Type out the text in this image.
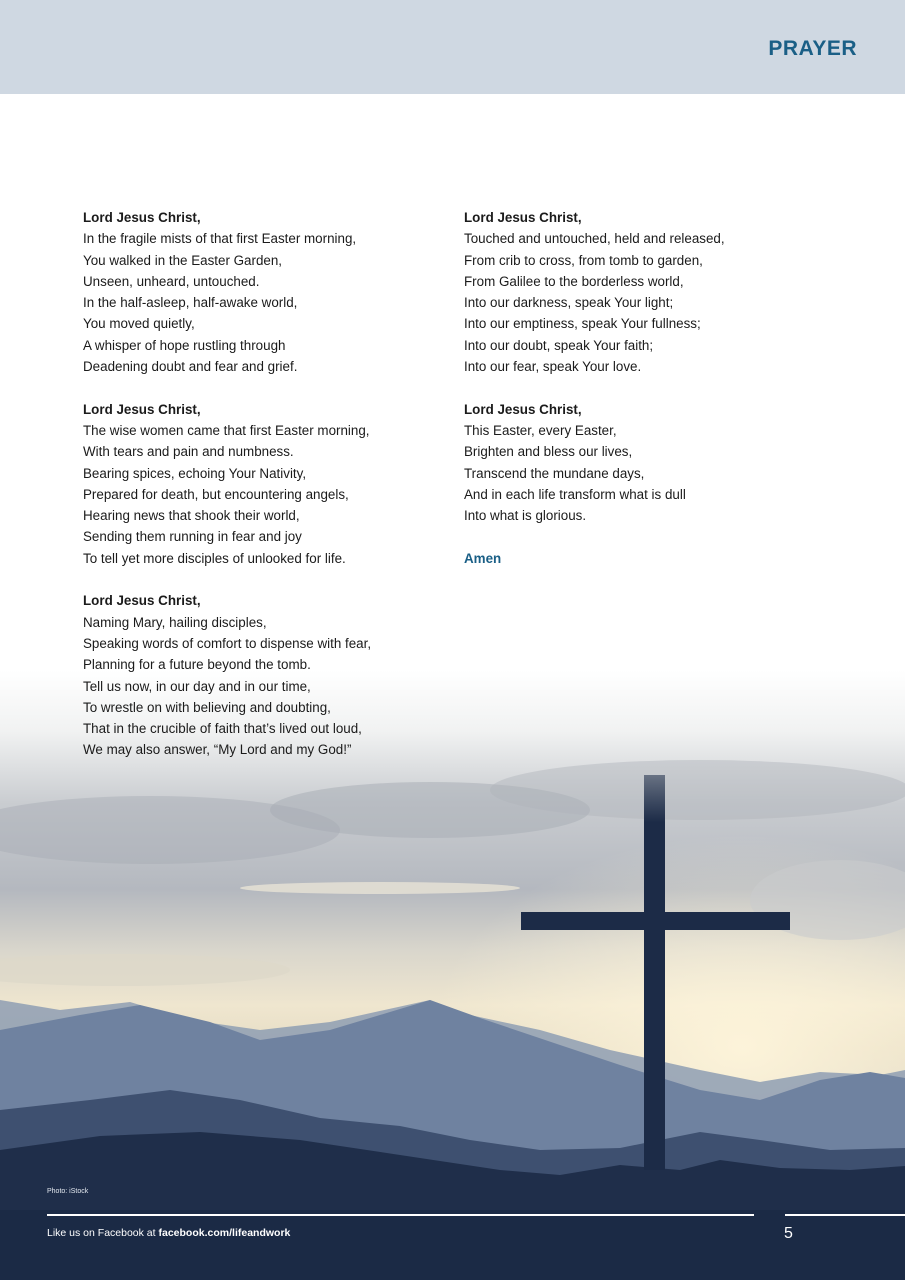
PRAYER
Lord Jesus Christ,
In the fragile mists of that first Easter morning,
You walked in the Easter Garden,
Unseen, unheard, untouched.
In the half-asleep, half-awake world,
You moved quietly,
A whisper of hope rustling through
Deadening doubt and fear and grief.
Lord Jesus Christ,
The wise women came that first Easter morning,
With tears and pain and numbness.
Bearing spices, echoing Your Nativity,
Prepared for death, but encountering angels,
Hearing news that shook their world,
Sending them running in fear and joy
To tell yet more disciples of unlooked for life.
Lord Jesus Christ,
Naming Mary, hailing disciples,
Speaking words of comfort to dispense with fear,
Planning for a future beyond the tomb.
Tell us now, in our day and in our time,
To wrestle on with believing and doubting,
That in the crucible of faith that’s lived out loud,
We may also answer, “My Lord and my God!”
Lord Jesus Christ,
Touched and untouched, held and released,
From crib to cross, from tomb to garden,
From Galilee to the borderless world,
Into our darkness, speak Your light;
Into our emptiness, speak Your fullness;
Into our doubt, speak Your faith;
Into our fear, speak Your love.
Lord Jesus Christ,
This Easter, every Easter,
Brighten and bless our lives,
Transcend the mundane days,
And in each life transform what is dull
Into what is glorious.
Amen
Photo: iStock
Like us on Facebook at facebook.com/lifeandwork	5
